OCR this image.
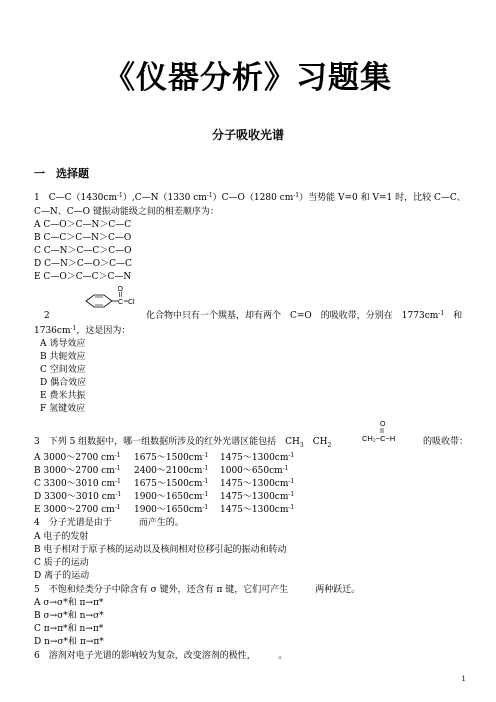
《仪器分析》习题集
分子吸收光谱
一　选择题
1　$C—C(1430cm^{-1}),C—N(1330$ $cm^{-1})C—O(1280$ $cm^{-1}$）当势能 V=0 和 V=1 时，比较 C—C、
C—N、C—O 键振动能级之间的相差顺序为：
A C—O＞C—N＞C—C
B C—C＞C—N＞C—O
C C—N＞C—C＞C—O
D C—N＞C—O＞C—C
E C—O＞C—C＞C—N
2
O
C Cl
化合物中只有一个羰基，却有两个　C=O　的吸收带，分别在　$1773cm^{-1}$　 和
$1736cm^{-1}$，这是因为：
A 诱导效应
B 共轭效应
C 空间效应
D 偶合效应
E 费米共振
F 氢键效应
O
CH₂−C−H
3　下列 5 组数据中，哪一组数据所涉及的红外光谱区能包括　$CH_3$　$CH_2$	的吸收带：
A 3000～2700 $cm^{-1}$ $1675\sim 1500cm^{-1}$ $1475\sim 1300cm^{-1}$
B 3000～2700 $cm^{-1}$ $2400\sim 2100cm^{-1}$ $1000\sim 650cm^{-1}$
C 3300～3010 $cm^{-1}$ $1675\sim 1500cm^{-1}$ $1475\sim 1300cm^{-1}$
D 3300～3010 $cm^{-1}$ $1900\sim 1650cm^{-1}$ $1475\sim 1300cm^{-1}$
E 3000～2700 $cm^{-1}$ $1900\sim 1650cm^{-1}$ $1475\sim 1300cm^{-1}$
4　分子光谱是由于　　　而产生的。
A 电子的发射
B 电子相对于原子核的运动以及核间相对位移引起的振动和转动
C 质子的运动
D 离子的运动
5　不饱和烃类分子中除含有 σ 键外，还含有 π 键，它们可产生　　　两种跃迁。
A σ→σ*和 π→π*
B σ→σ*和 n→σ*
C π→π*和 n→π*
D n→σ*和 π→π*
6　溶剂对电子光谱的影响较为复杂，改变溶剂的极性，　　　。
1
